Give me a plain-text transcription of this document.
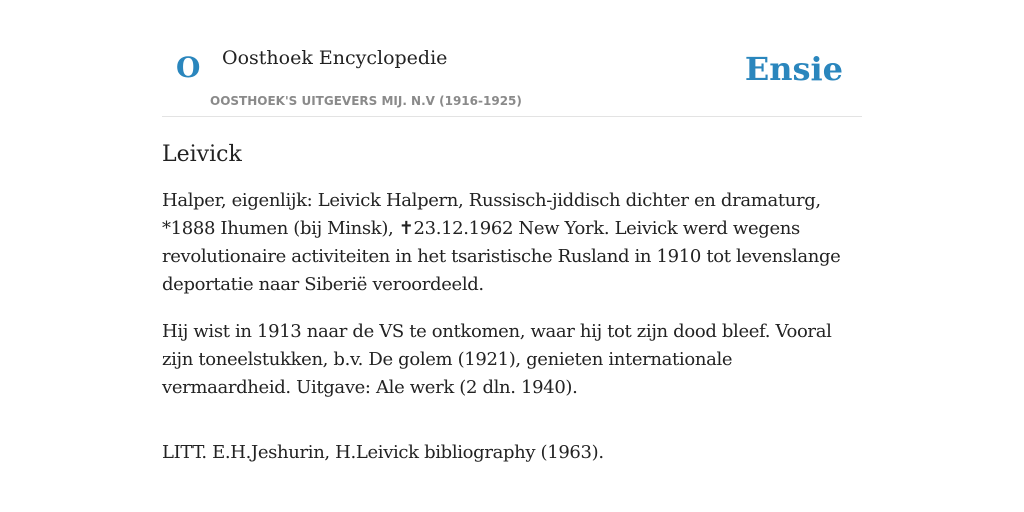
O Oosthoek Encyclopedie
OOSTHOEK'S UITGEVERS MIJ. N.V (1916-1925)
Ensie
Leivick

Halper, eigenlijk: Leivick Halpern, Russisch-jiddisch dichter en dramaturg, *1888 Ihumen (bij Minsk), ✝23.12.1962 New York. Leivick werd wegens revolutionaire activiteiten in het tsaristische Rusland in 1910 tot levenslange deportatie naar Siberië veroordeeld.

Hij wist in 1913 naar de VS te ontkomen, waar hij tot zijn dood bleef. Vooral zijn toneelstukken, b.v. De golem (1921), genieten internationale vermaardheid. Uitgave: Ale werk (2 dln. 1940).

LITT. E.H.Jeshurin, H.Leivick bibliography (1963).
